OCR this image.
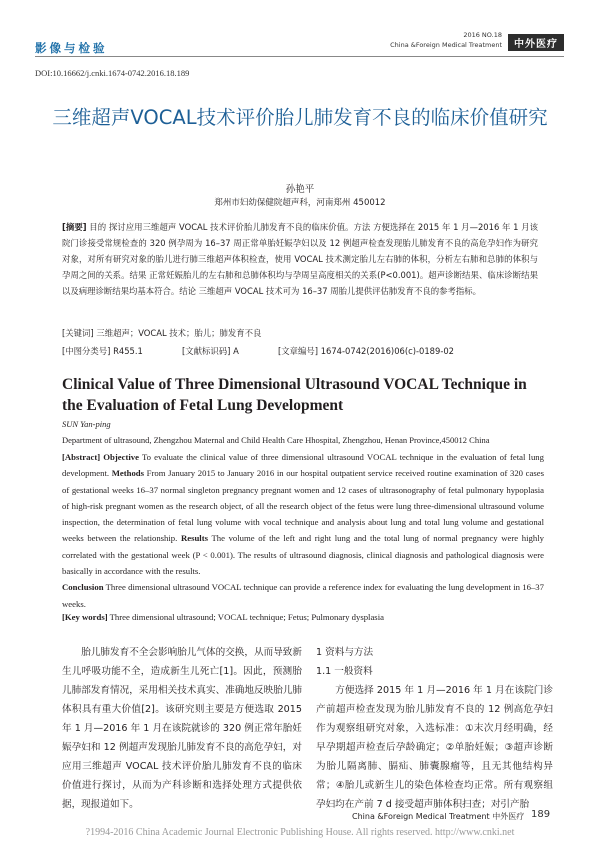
影像与检验
2016 NO.18
China &Foreign Medical Treatment	中外医疗
DOI:10.16662/j.cnki.1674-0742.2016.18.189
三维超声VOCAL技术评价胎儿肺发育不良的临床价值研究
孙艳平
郑州市妇幼保健院超声科，河南郑州 450012
[摘要] 目的 探讨应用三维超声 VOCAL 技术评价胎儿肺发育不良的临床价值。方法 方便选择在 2015 年 1 月—2016 年 1 月该院门诊接受常规检查的 320 例孕周为 16–37 周正常单胎妊娠孕妇以及 12 例超声检查发现胎儿肺发育不良的高危孕妇作为研究对象，对所有研究对象的胎儿进行肺三维超声体积检查，使用 VOCAL 技术测定胎儿左右肺的体积，分析左右肺和总肺的体积与孕周之间的关系。结果 正常妊娠胎儿的左右肺和总肺体积均与孕周呈高度相关的关系(P<0.001)。超声诊断结果、临床诊断结果以及病理诊断结果均基本符合。结论 三维超声 VOCAL 技术可为 16–37 周胎儿提供评估肺发育不良的参考指标。
[关键词] 三维超声；VOCAL 技术；胎儿；肺发育不良
[中图分类号] R455.1	[文献标识码] A	[文章编号] 1674-0742(2016)06(c)-0189-02
Clinical Value of Three Dimensional Ultrasound VOCAL Technique in the Evaluation of Fetal Lung Development
SUN Yan-ping
Department of ultrasound, Zhengzhou Maternal and Child Health Care Hhospital, Zhengzhou, Henan Province,450012 China
[Abstract] Objective To evaluate the clinical value of three dimensional ultrasound VOCAL technique in the evaluation of fetal lung development. Methods From January 2015 to January 2016 in our hospital outpatient service received routine examination of 320 cases of gestational weeks 16–37 normal singleton pregnancy pregnant women and 12 cases of ultrasonography of fetal pulmonary hypoplasia of high-risk pregnant women as the research object, of all the research object of the fetus were lung three-dimensional ultrasound volume inspection, the determination of fetal lung volume with vocal technique and analysis about lung and total lung volume and gestational weeks between the relationship. Results The volume of the left and right lung and the total lung of normal pregnancy were highly correlated with the gestational week (P < 0.001). The results of ultrasound diagnosis, clinical diagnosis and pathological diagnosis were basically in accordance with the results.
Conclusion Three dimensional ultrasound VOCAL technique can provide a reference index for evaluating the lung development in 16–37 weeks.
[Key words] Three dimensional ultrasound; VOCAL technique; Fetus; Pulmonary dysplasia

胎儿肺发育不全会影响胎儿气体的交换，从而导致新生儿呼吸功能不全，造成新生儿死亡[1]。因此，预测胎儿肺部发育情况，采用相关技术真实、准确地反映胎儿肺体积具有重大价值[2]。该研究则主要是方便选取 2015 年 1 月—2016 年 1 月在该院就诊的 320 例正常年胎妊娠孕妇和 12 例超声发现胎儿肺发育不良的高危孕妇，对应用三维超声 VOCAL 技术评价胎儿肺发育不良的临床价值进行探讨，从而为产科诊断和选择处理方式提供依据，现报道如下。

1 资料与方法
1.1 一般资料

方便选择 2015 年 1 月—2016 年 1 月在该院门诊产前超声检查发现为胎儿肺发育不良的 12 例高危孕妇作为观察组研究对象，入选标准：①末次月经明确，经早孕期超声检查后孕龄确定；②单胎妊娠；③超声诊断为胎儿隔离肺、膈疝、肺囊腺瘤等，且无其他结构异常；④胎儿或新生儿的染色体检查均正常。所有观察组孕妇均在产前 7 d 接受超声肺体积扫查；对引产胎

China &Foreign Medical Treatment 中外医疗 189
?1994-2016 China Academic Journal Electronic Publishing House. All rights reserved. http://www.cnki.net
